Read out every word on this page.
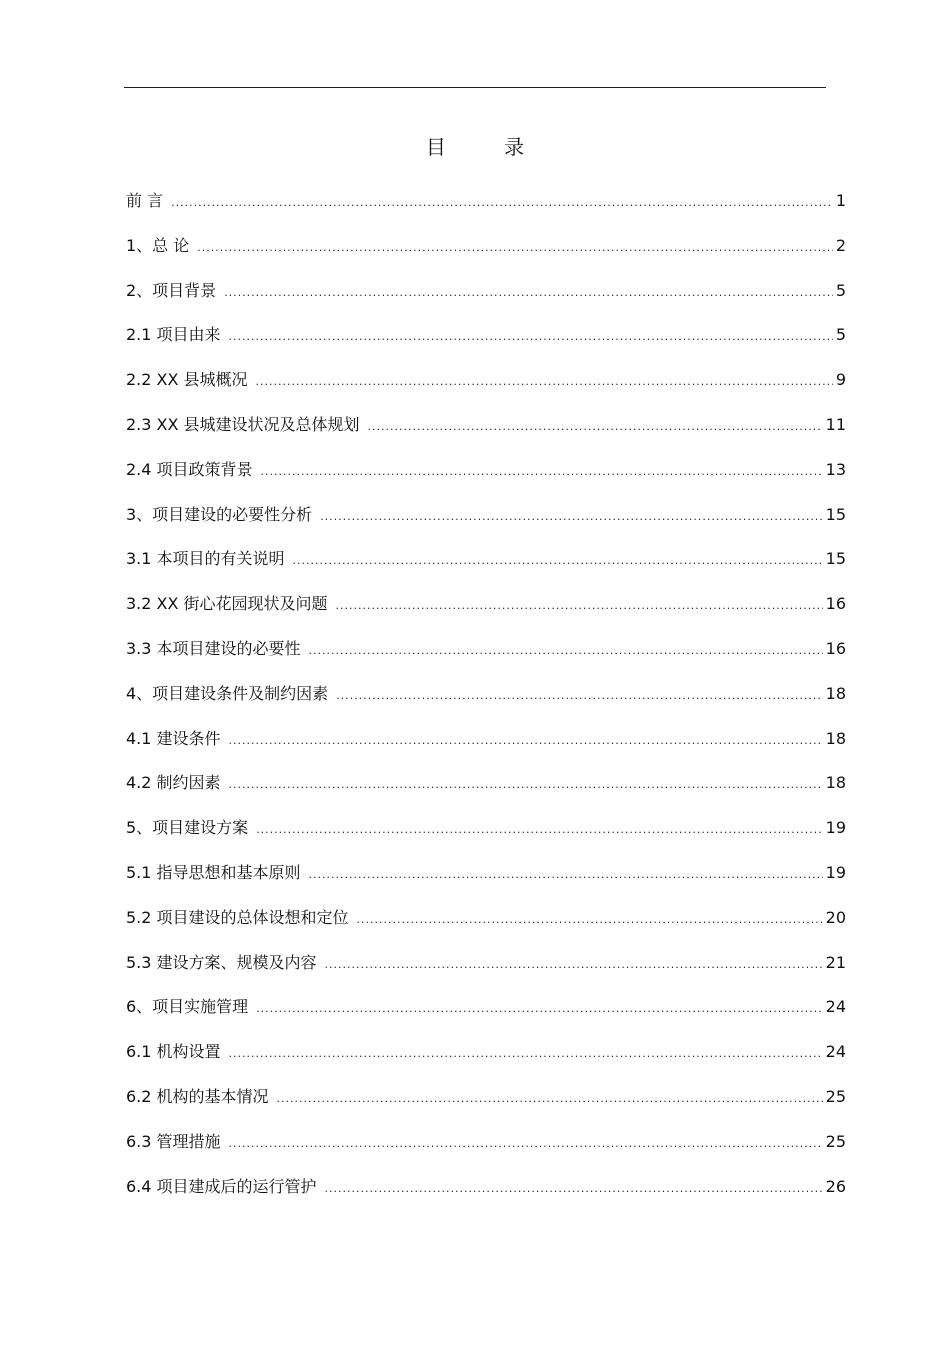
目 录
前 言 .....	1
1、总 论 .....	2
2、项目背景 .....	5
2.1 项目由来 .....	5
2.2 XX 县城概况 .....	9
2.3 XX 县城建设状况及总体规划 .....	11
2.4 项目政策背景 .....	13
3、项目建设的必要性分析 .....	15
3.1 本项目的有关说明 .....	15
3.2 XX 街心花园现状及问题 .....	16
3.3 本项目建设的必要性 .....	16
4、项目建设条件及制约因素 .....	18
4.1 建设条件 .....	18
4.2 制约因素 .....	18
5、项目建设方案 .....	19
5.1 指导思想和基本原则 .....	19
5.2 项目建设的总体设想和定位 .....	20
5.3 建设方案、规模及内容 .....	21
6、项目实施管理 .....	24
6.1 机构设置 .....	24
6.2 机构的基本情况 .....	25
6.3 管理措施 .....	25
6.4 项目建成后的运行管护 .....	26
